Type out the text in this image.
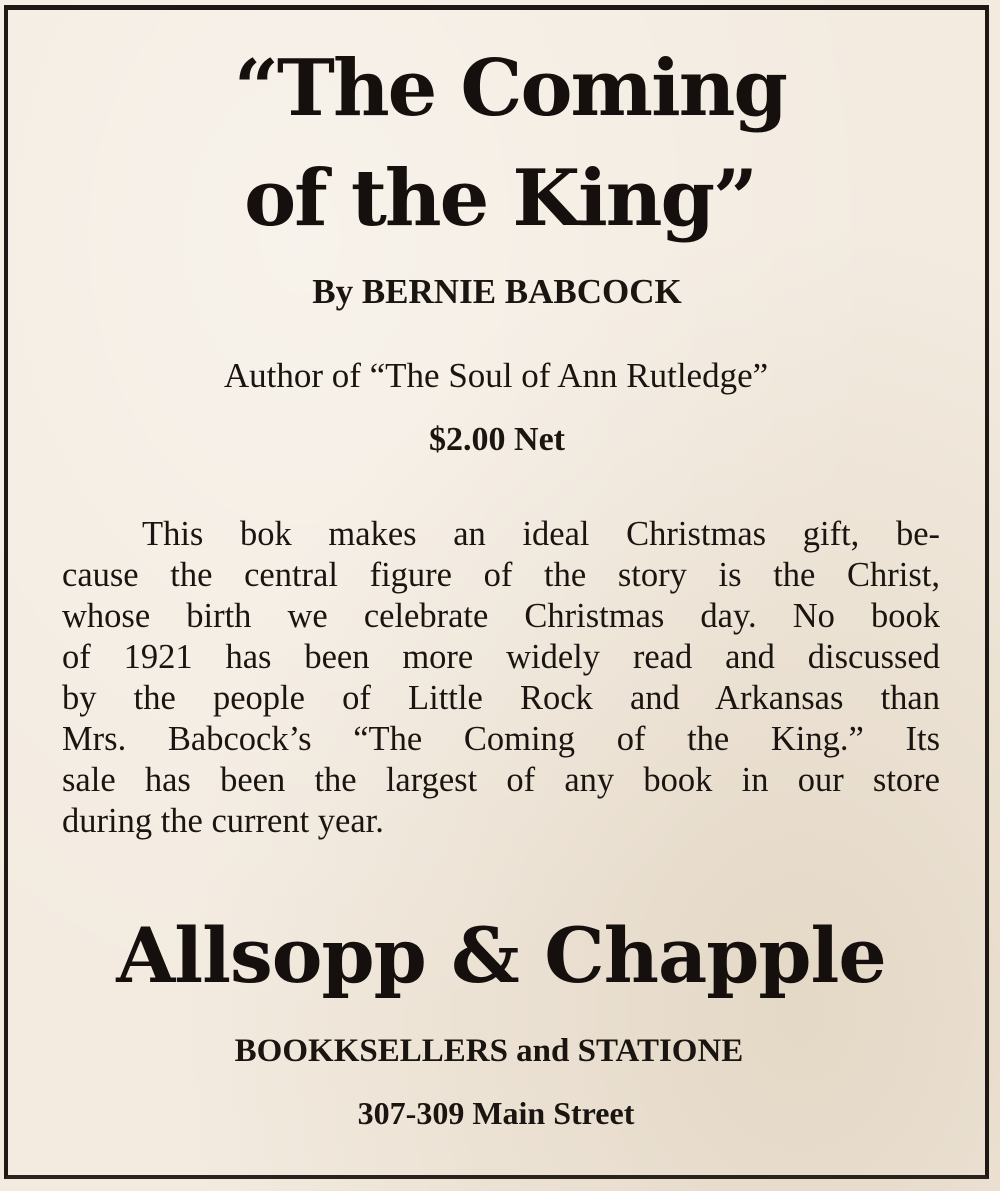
“The Coming
of the King”
By BERNIE BABCOCK
Author of “The Soul of Ann Rutledge”
$2.00 Net
This bok makes an ideal Christmas gift, be-
cause the central figure of the story is the Christ,
whose birth we celebrate Christmas day. No book
of 1921 has been more widely read and discussed
by the people of Little Rock and Arkansas than
Mrs. Babcock’s “The Coming of the King.” Its
sale has been the largest of any book in our store
during the current year.
Allsopp & Chapple
BOOKKSELLERS and STATIONE
307-309 Main Street
